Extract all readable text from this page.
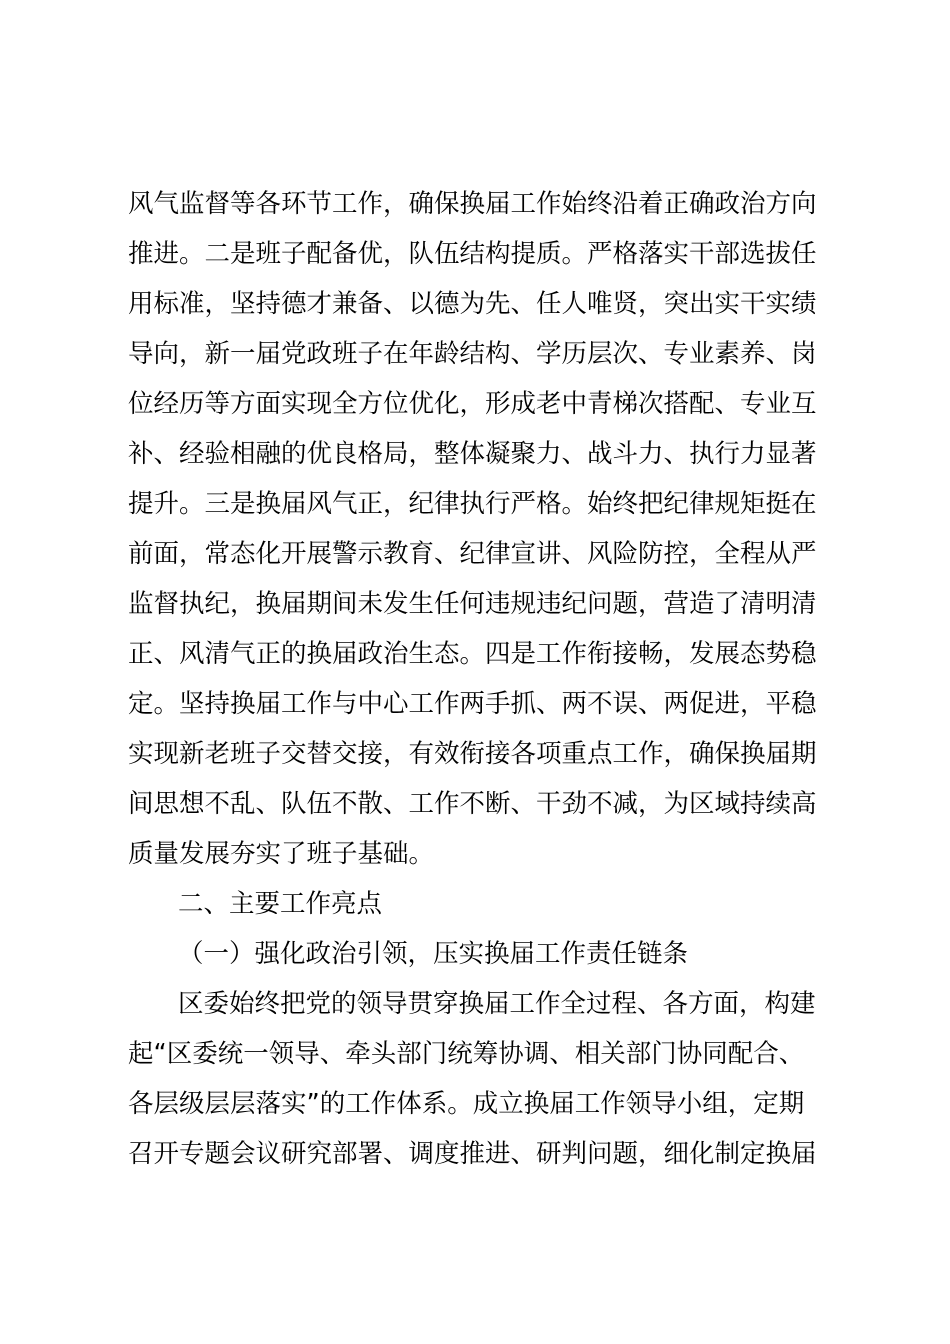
风气监督等各环节工作，确保换届工作始终沿着正确政治方向
推进。二是班子配备优，队伍结构提质。严格落实干部选拔任
用标准，坚持德才兼备、以德为先、任人唯贤，突出实干实绩
导向，新一届党政班子在年龄结构、学历层次、专业素养、岗
位经历等方面实现全方位优化，形成老中青梯次搭配、专业互
补、经验相融的优良格局，整体凝聚力、战斗力、执行力显著
提升。三是换届风气正，纪律执行严格。始终把纪律规矩挺在
前面，常态化开展警示教育、纪律宣讲、风险防控，全程从严
监督执纪，换届期间未发生任何违规违纪问题，营造了清明清
正、风清气正的换届政治生态。四是工作衔接畅，发展态势稳
定。坚持换届工作与中心工作两手抓、两不误、两促进，平稳
实现新老班子交替交接，有效衔接各项重点工作，确保换届期
间思想不乱、队伍不散、工作不断、干劲不减，为区域持续高
质量发展夯实了班子基础。
二、主要工作亮点
（一）强化政治引领，压实换届工作责任链条
区委始终把党的领导贯穿换届工作全过程、各方面，构建
起“区委统一领导、牵头部门统筹协调、相关部门协同配合、
各层级层层落实”的工作体系。成立换届工作领导小组，定期
召开专题会议研究部署、调度推进、研判问题，细化制定换届
